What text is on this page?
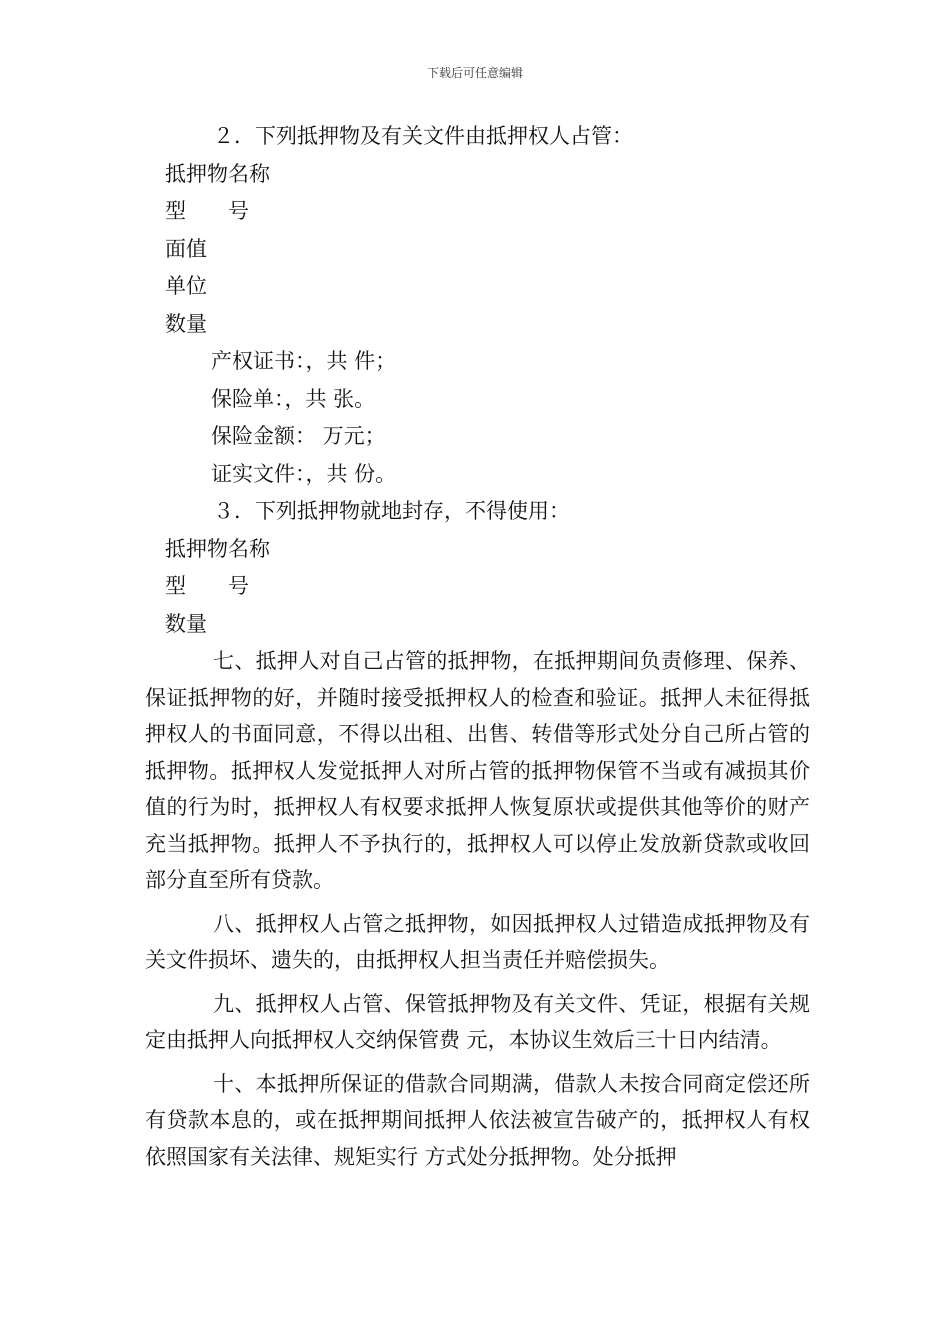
下载后可任意编辑
２．下列抵押物及有关文件由抵押权人占管：
抵押物名称
型 号
面值
单位
数量
产权证书：，共 件；
保险单：，共 张。
保险金额： 万元；
证实文件：，共 份。
３．下列抵押物就地封存，不得使用：
抵押物名称
型 号
数量

七、抵押人对自己占管的抵押物，在抵押期间负责修理、保养、保证抵押物的好，并随时接受抵押权人的检查和验证。抵押人未征得抵押权人的书面同意，不得以出租、出售、转借等形式处分自己所占管的抵押物。抵押权人发觉抵押人对所占管的抵押物保管不当或有减损其价值的行为时，抵押权人有权要求抵押人恢复原状或提供其他等价的财产充当抵押物。抵押人不予执行的，抵押权人可以停止发放新贷款或收回部分直至所有贷款。

八、抵押权人占管之抵押物，如因抵押权人过错造成抵押物及有关文件损坏、遗失的，由抵押权人担当责任并赔偿损失。

九、抵押权人占管、保管抵押物及有关文件、凭证，根据有关规定由抵押人向抵押权人交纳保管费 元，本协议生效后三十日内结清。

十、本抵押所保证的借款合同期满，借款人未按合同商定偿还所有贷款本息的，或在抵押期间抵押人依法被宣告破产的，抵押权人有权依照国家有关法律、规矩实行 方式处分抵押物。处分抵押
